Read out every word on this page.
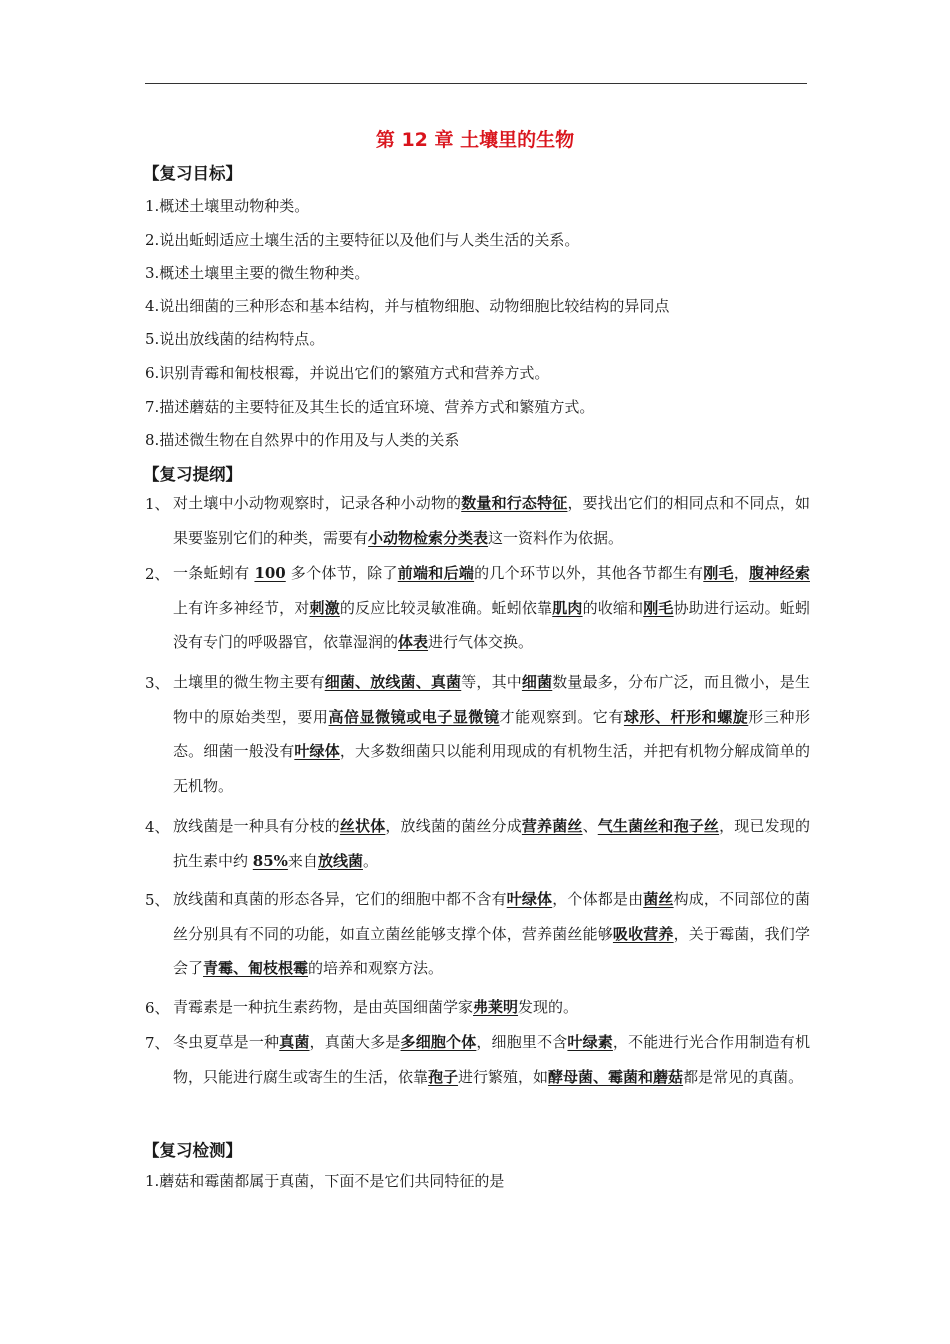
第 12 章 土壤里的生物
【复习目标】
1.概述土壤里动物种类。
2.说出蚯蚓适应土壤生活的主要特征以及他们与人类生活的关系。
3.概述土壤里主要的微生物种类。
4.说出细菌的三种形态和基本结构，并与植物细胞、动物细胞比较结构的异同点
5.说出放线菌的结构特点。
6.识别青霉和匍枝根霉，并说出它们的繁殖方式和营养方式。
7.描述蘑菇的主要特征及其生长的适宜环境、营养方式和繁殖方式。
8.描述微生物在自然界中的作用及与人类的关系
【复习提纲】
1、 对土壤中小动物观察时，记录各种小动物的数量和行态特征，要找出它们的相同点和不同点，如果要鉴别它们的种类，需要有小动物检索分类表这一资料作为依据。
2、 一条蚯蚓有 100 多个体节，除了前端和后端的几个环节以外，其他各节都生有刚毛，腹神经索上有许多神经节，对刺激的反应比较灵敏准确。蚯蚓依靠肌肉的收缩和刚毛协助进行运动。蚯蚓没有专门的呼吸器官，依靠湿润的体表进行气体交换。
3、 土壤里的微生物主要有细菌、放线菌、真菌等，其中细菌数量最多，分布广泛，而且微小，是生物中的原始类型，要用高倍显微镜或电子显微镜才能观察到。它有球形、杆形和螺旋形三种形态。细菌一般没有叶绿体，大多数细菌只以能利用现成的有机物生活，并把有机物分解成简单的无机物。
4、 放线菌是一种具有分枝的丝状体，放线菌的菌丝分成营养菌丝、气生菌丝和孢子丝，现已发现的抗生素中约 85%来自放线菌。
5、 放线菌和真菌的形态各异，它们的细胞中都不含有叶绿体，个体都是由菌丝构成，不同部位的菌丝分别具有不同的功能，如直立菌丝能够支撑个体，营养菌丝能够吸收营养，关于霉菌，我们学会了青霉、匍枝根霉的培养和观察方法。
6、 青霉素是一种抗生素药物，是由英国细菌学家弗莱明发现的。
7、 冬虫夏草是一种真菌，真菌大多是多细胞个体，细胞里不含叶绿素，不能进行光合作用制造有机物，只能进行腐生或寄生的生活，依靠孢子进行繁殖，如酵母菌、霉菌和蘑菇都是常见的真菌。
【复习检测】
1.蘑菇和霉菌都属于真菌，下面不是它们共同特征的是
